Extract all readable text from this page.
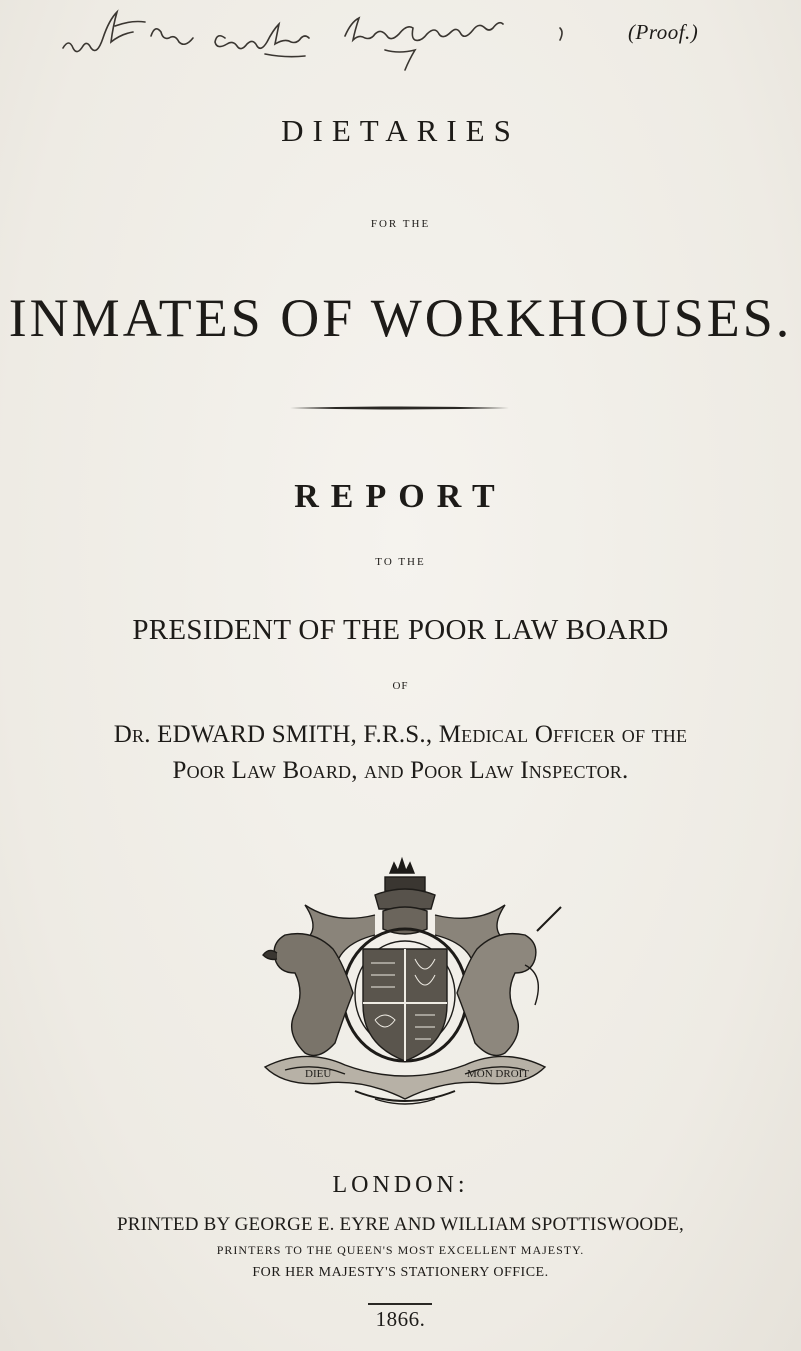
(Proof.)
DIETARIES
FOR THE
INMATES OF WORKHOUSES.
REPORT
TO THE
PRESIDENT OF THE POOR LAW BOARD
OF
Dr. EDWARD SMITH, F.R.S., Medical Officer of the
Poor Law Board, and Poor Law Inspector.
DIEU	MON DROIT
LONDON:
PRINTED BY GEORGE E. EYRE AND WILLIAM SPOTTISWOODE,
PRINTERS TO THE QUEEN'S MOST EXCELLENT MAJESTY.
FOR HER MAJESTY'S STATIONERY OFFICE.
1866.
